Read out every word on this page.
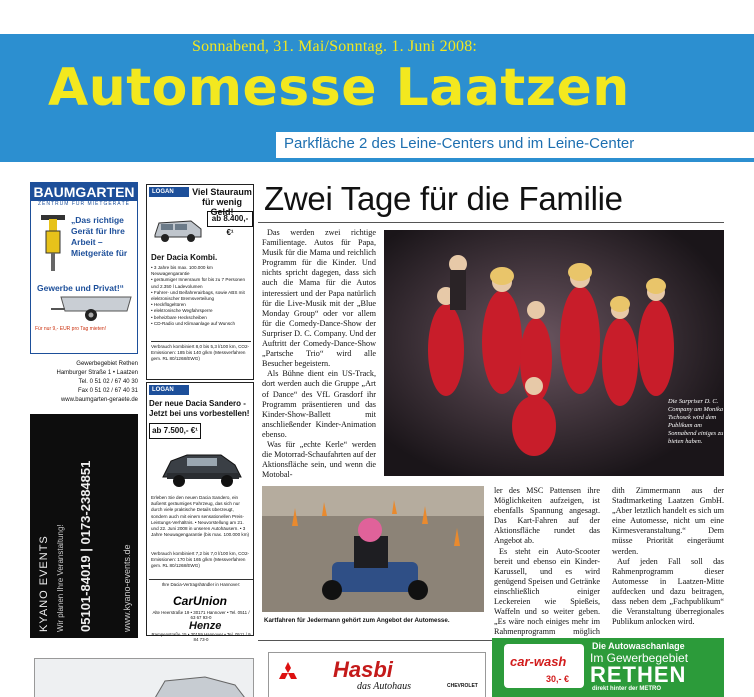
Sonnabend, 31. Mai/Sonntag. 1. Juni 2008:
Automesse Laatzen
Parkfläche 2 des Leine-Centers und im Leine-Center
BAUMGARTEN
ZENTRUM FÜR MIETGERÄTE
„Das richtige Gerät für Ihre Arbeit – Mietgeräte für
Gewerbe und Privat!“
Für nur 9,- EUR pro Tag mieten!
Gewerbegebiet Rethen
Hamburger Straße 1 • Laatzen
Tel. 0 51 02 / 67 40 30
Fax 0 51 02 / 67 40 31
www.baumgarten-geraete.de
KYANO EVENTS Wir planen Ihre Veranstaltung! 05101-84019 | 0173-2384851	www.kyano-events.de
LOGAN	Viel Stauraum für wenig Geld!
ab 8.400,- €¹
Der Dacia Kombi.
• 3 Jahre bis max. 100.000 km Neuwagengarantie
• geräumiger Innenraum für bis zu 7 Personen und 2.350 l Ladevolumen
• Fahrer- und Beifahrerairbags, sowie ABS mit elektronischer Bremsverteilung
• Heckflügeltüren
• elektronische Wegfahrsperre
• beheizbare Heckscheiben
• CD-Radio und Klimaanlage auf Wunsch
Verbrauch kombiniert 8,0 bis 5,3 l/100 km, CO2-Emissionen: 185 bis 140 g/km (Messverfahren gem. RL 80/1268/EWG)
LOGAN
Der neue Dacia Sandero - Jetzt bei uns vorbestellen!
ab 7.500,- €¹
Erleben Sie den neuen Dacia Sandero, ein äußerst geräumiges Fahrzeug, das sich nur durch viele praktische Details überzeugt, sondern auch mit einem sensationellen Preis-Leistungs-Verhältnis. • Neuvorstellung am 21. und 22. Juni 2008 in unseren Autohäusern. • 3 Jahre Neuwagengarantie (bis max. 100.000 km)
Verbrauch kombiniert 7,2 bis 7,0 l/100 km, CO2-Emissionen: 170 bis 165 g/km (Messverfahren gem. RL 80/1268/EWG)
Ihre Dacia-Vertragshändler in Hannover:
CarUnion
Alte Heerstraße 19 • 30171 Hannover • Tel. 0511 / 63 67 93-0
Henze
Rampenstraße 15 • 30159 Hannover • Tel. 0511 / 9 84 73-0
Zwei Tage für die Familie

Das werden zwei richtige Familientage. Autos für Papa, Musik für die Mama und reichlich Programm für die Kinder. Und nichts spricht dagegen, dass sich auch die Mama für die Autos interessiert und der Papa natürlich für die Live-Musik mit der „Blue Monday Group“ oder vor allem für die Comedy-Dance-Show der Surpriser D. C. Company. Und der Auftritt der Comedy-Dance-Show „Partsche Trio“ wird alle Besucher begeistern.

Als Bühne dient ein US-Track, dort werden auch die Gruppe „Art of Dance“ des VfL Grasdorf ihr Programm präsentieren und das Kinder-Show-Ballett mit anschließender Kinder-Animation ebenso.

Was für „echte Kerle“ werden die Motorrad-Schaufahrten auf der Aktionsfläche sein, und wenn die Motobal-

Die Surpriser D. C. Company um Monika Tschosek wird dem Publikum am Sonnabend einiges zu bieten haben.
Kartfahren für Jedermann gehört zum Angebot der Automesse.

ler des MSC Pattensen ihre Möglichkeiten aufzeigen, ist ebenfalls Spannung angesagt. Das Kart-Fahren auf der Aktionsfläche rundet das Angebot ab.

Es steht ein Auto-Scooter bereit und ebenso ein Kinder-Karussell, und es wird genügend Speisen und Getränke einschließlich einiger Leckereien wie Spießeis, Waffeln und so weiter geben. „Es wäre noch einiges mehr im Rahmenprogramm möglich

dith Zimmermann aus der Stadtmarketing Laatzen GmbH. „Aber letztlich handelt es sich um eine Automesse, nicht um eine Kirmesveranstaltung.“ Dem müsse Priorität eingeräumt werden.

Auf jeden Fall soll das Rahmenprogramm dieser Automesse in Laatzen-Mitte aufdecken und dazu beitragen, dass neben dem „Fachpublikum“ die Veranstaltung überregionales Publikum anlocken wird.

Hasbi
das Autohaus	CHEVROLET
car-wash
30,- €
Die Autowaschanlage
Im Gewerbegebiet
RETHEN
direkt hinter der METRO
